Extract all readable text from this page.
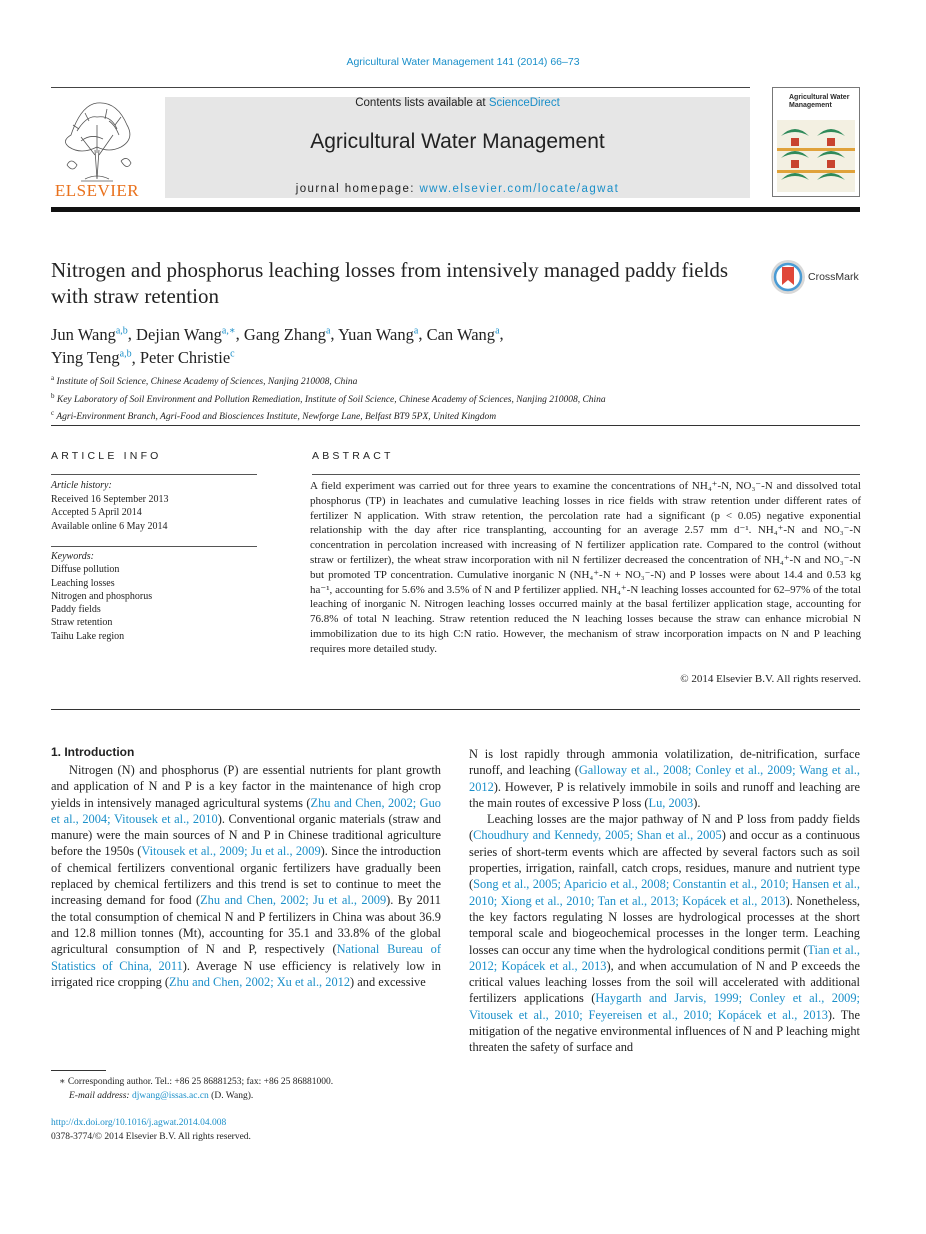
Agricultural Water Management 141 (2014) 66–73
ELSEVIER
Contents lists available at ScienceDirect
Agricultural Water Management
journal homepage: www.elsevier.com/locate/agwat
Agricultural Water Management
Nitrogen and phosphorus leaching losses from intensively managed paddy fields with straw retention
CrossMark
Jun Wang$^{a,b}$, Dejian Wang$^{a,∗}$, Gang Zhang$^a$, Yuan Wang$^a$, Can Wang$^a$,
Ying Teng$^{a,b}$, Peter Christie$^c$
$^a$ Institute of Soil Science, Chinese Academy of Sciences, Nanjing 210008, China
$^b$ Key Laboratory of Soil Environment and Pollution Remediation, Institute of Soil Science, Chinese Academy of Sciences, Nanjing 210008, China
$^c$ Agri-Environment Branch, Agri-Food and Biosciences Institute, Newforge Lane, Belfast BT9 5PX, United Kingdom
ARTICLE INFO
Article history:
Received 16 September 2013
Accepted 5 April 2014
Available online 6 May 2014
Keywords:
Diffuse pollution
Leaching losses
Nitrogen and phosphorus
Paddy fields
Straw retention
Taihu Lake region
ABSTRACT
A field experiment was carried out for three years to examine the concentrations of NH₄⁺-N, NO₃⁻-N and dissolved total phosphorus (TP) in leachates and cumulative leaching losses in rice fields with straw retention under different rates of fertilizer N application. With straw retention, the percolation rate had a significant (p < 0.05) negative exponential relationship with the day after rice transplanting, accounting for an average 2.57 mm d⁻¹. NH₄⁺-N and NO₃⁻-N concentration in percolation increased with increasing of N fertilizer application rate. Compared to the control (without straw or fertilizer), the wheat straw incorporation with nil N fertilizer decreased the concentration of NH₄⁺-N and NO₃⁻-N but promoted TP concentration. Cumulative inorganic N (NH₄⁺-N + NO₃⁻-N) and P losses were about 14.4 and 0.53 kg ha⁻¹, accounting for 5.6% and 3.5% of N and P fertilizer applied. NH₄⁺-N leaching losses accounted for 62–97% of the total leaching of inorganic N. Nitrogen leaching losses occurred mainly at the basal fertilizer application stage, accounting for 76.8% of total N leaching. Straw retention reduced the N leaching losses because the straw can enhance microbial N immobilization due to its high C:N ratio. However, the mechanism of straw incorporation impacts on N and P leaching requires more detailed study.
© 2014 Elsevier B.V. All rights reserved.
1. Introduction

Nitrogen (N) and phosphorus (P) are essential nutrients for plant growth and application of N and P is a key factor in the maintenance of high crop yields in intensively managed agricultural systems (Zhu and Chen, 2002; Guo et al., 2004; Vitousek et al., 2010). Conventional organic materials (straw and manure) were the main sources of N and P in Chinese traditional agriculture before the 1950s (Vitousek et al., 2009; Ju et al., 2009). Since the introduction of chemical fertilizers conventional organic fertilizers have gradually been replaced by chemical fertilizers and this trend is set to continue to meet the increasing demand for food (Zhu and Chen, 2002; Ju et al., 2009). By 2011 the total consumption of chemical N and P fertilizers in China was about 36.9 and 12.8 million tonnes (Mt), accounting for 35.1 and 33.8% of the global agricultural consumption of N and P, respectively (National Bureau of Statistics of China, 2011). Average N use efficiency is relatively low in irrigated rice cropping (Zhu and Chen, 2002; Xu et al., 2012) and excessive

N is lost rapidly through ammonia volatilization, de-nitrification, surface runoff, and leaching (Galloway et al., 2008; Conley et al., 2009; Wang et al., 2012). However, P is relatively immobile in soils and runoff and leaching are the main routes of excessive P loss (Lu, 2003).

Leaching losses are the major pathway of N and P loss from paddy fields (Choudhury and Kennedy, 2005; Shan et al., 2005) and occur as a continuous series of short-term events which are affected by several factors such as soil properties, irrigation, rainfall, catch crops, residues, manure and nutrient type (Song et al., 2005; Aparicio et al., 2008; Constantin et al., 2010; Hansen et al., 2010; Xiong et al., 2010; Tan et al., 2013; Kopácek et al., 2013). Nonetheless, the key factors regulating N losses are hydrological processes at the short temporal scale and biogeochemical processes in the longer term. Leaching losses can occur any time when the hydrological conditions permit (Tian et al., 2012; Kopácek et al., 2013), and when accumulation of N and P exceeds the critical values leaching losses from the soil will accelerated with additional fertilizers applications (Haygarth and Jarvis, 1999; Conley et al., 2009; Vitousek et al., 2010; Feyereisen et al., 2010; Kopácek et al., 2013). The mitigation of the negative environmental influences of N and P leaching might threaten the safety of surface and

∗ Corresponding author. Tel.: +86 25 86881253; fax: +86 25 86881000.
E-mail address: djwang@issas.ac.cn (D. Wang).
http://dx.doi.org/10.1016/j.agwat.2014.04.008
0378-3774/© 2014 Elsevier B.V. All rights reserved.
